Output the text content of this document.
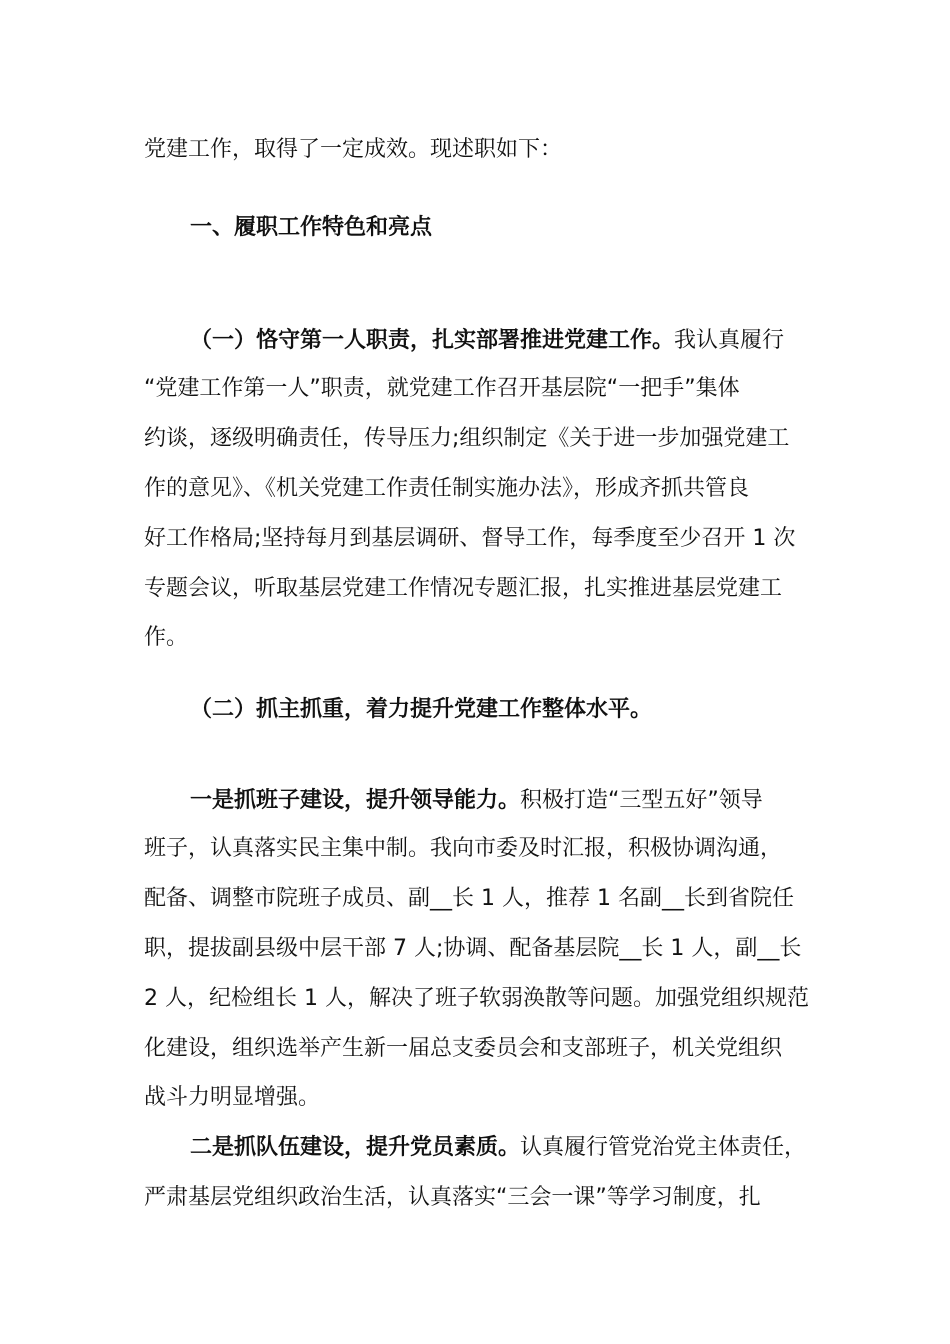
党建工作，取得了一定成效。现述职如下：
一、履职工作特色和亮点
（一）恪守第一人职责，扎实部署推进党建工作。我认真履行
“党建工作第一人”职责，就党建工作召开基层院“一把手”集体
约谈，逐级明确责任，传导压力;组织制定《关于进一步加强党建工
作的意见》、《机关党建工作责任制实施办法》，形成齐抓共管良
好工作格局;坚持每月到基层调研、督导工作，每季度至少召开 1 次
专题会议，听取基层党建工作情况专题汇报，扎实推进基层党建工
作。
（二）抓主抓重，着力提升党建工作整体水平。
一是抓班子建设，提升领导能力。积极打造“三型五好”领导
班子，认真落实民主集中制。我向市委及时汇报，积极协调沟通，
配备、调整市院班子成员、副__长 1 人，推荐 1 名副__长到省院任
职，提拔副县级中层干部 7 人;协调、配备基层院__长 1 人，副__长
2 人，纪检组长 1 人，解决了班子软弱涣散等问题。加强党组织规范
化建设，组织选举产生新一届总支委员会和支部班子，机关党组织
战斗力明显增强。
二是抓队伍建设，提升党员素质。认真履行管党治党主体责任，
严肃基层党组织政治生活，认真落实“三会一课”等学习制度，扎
